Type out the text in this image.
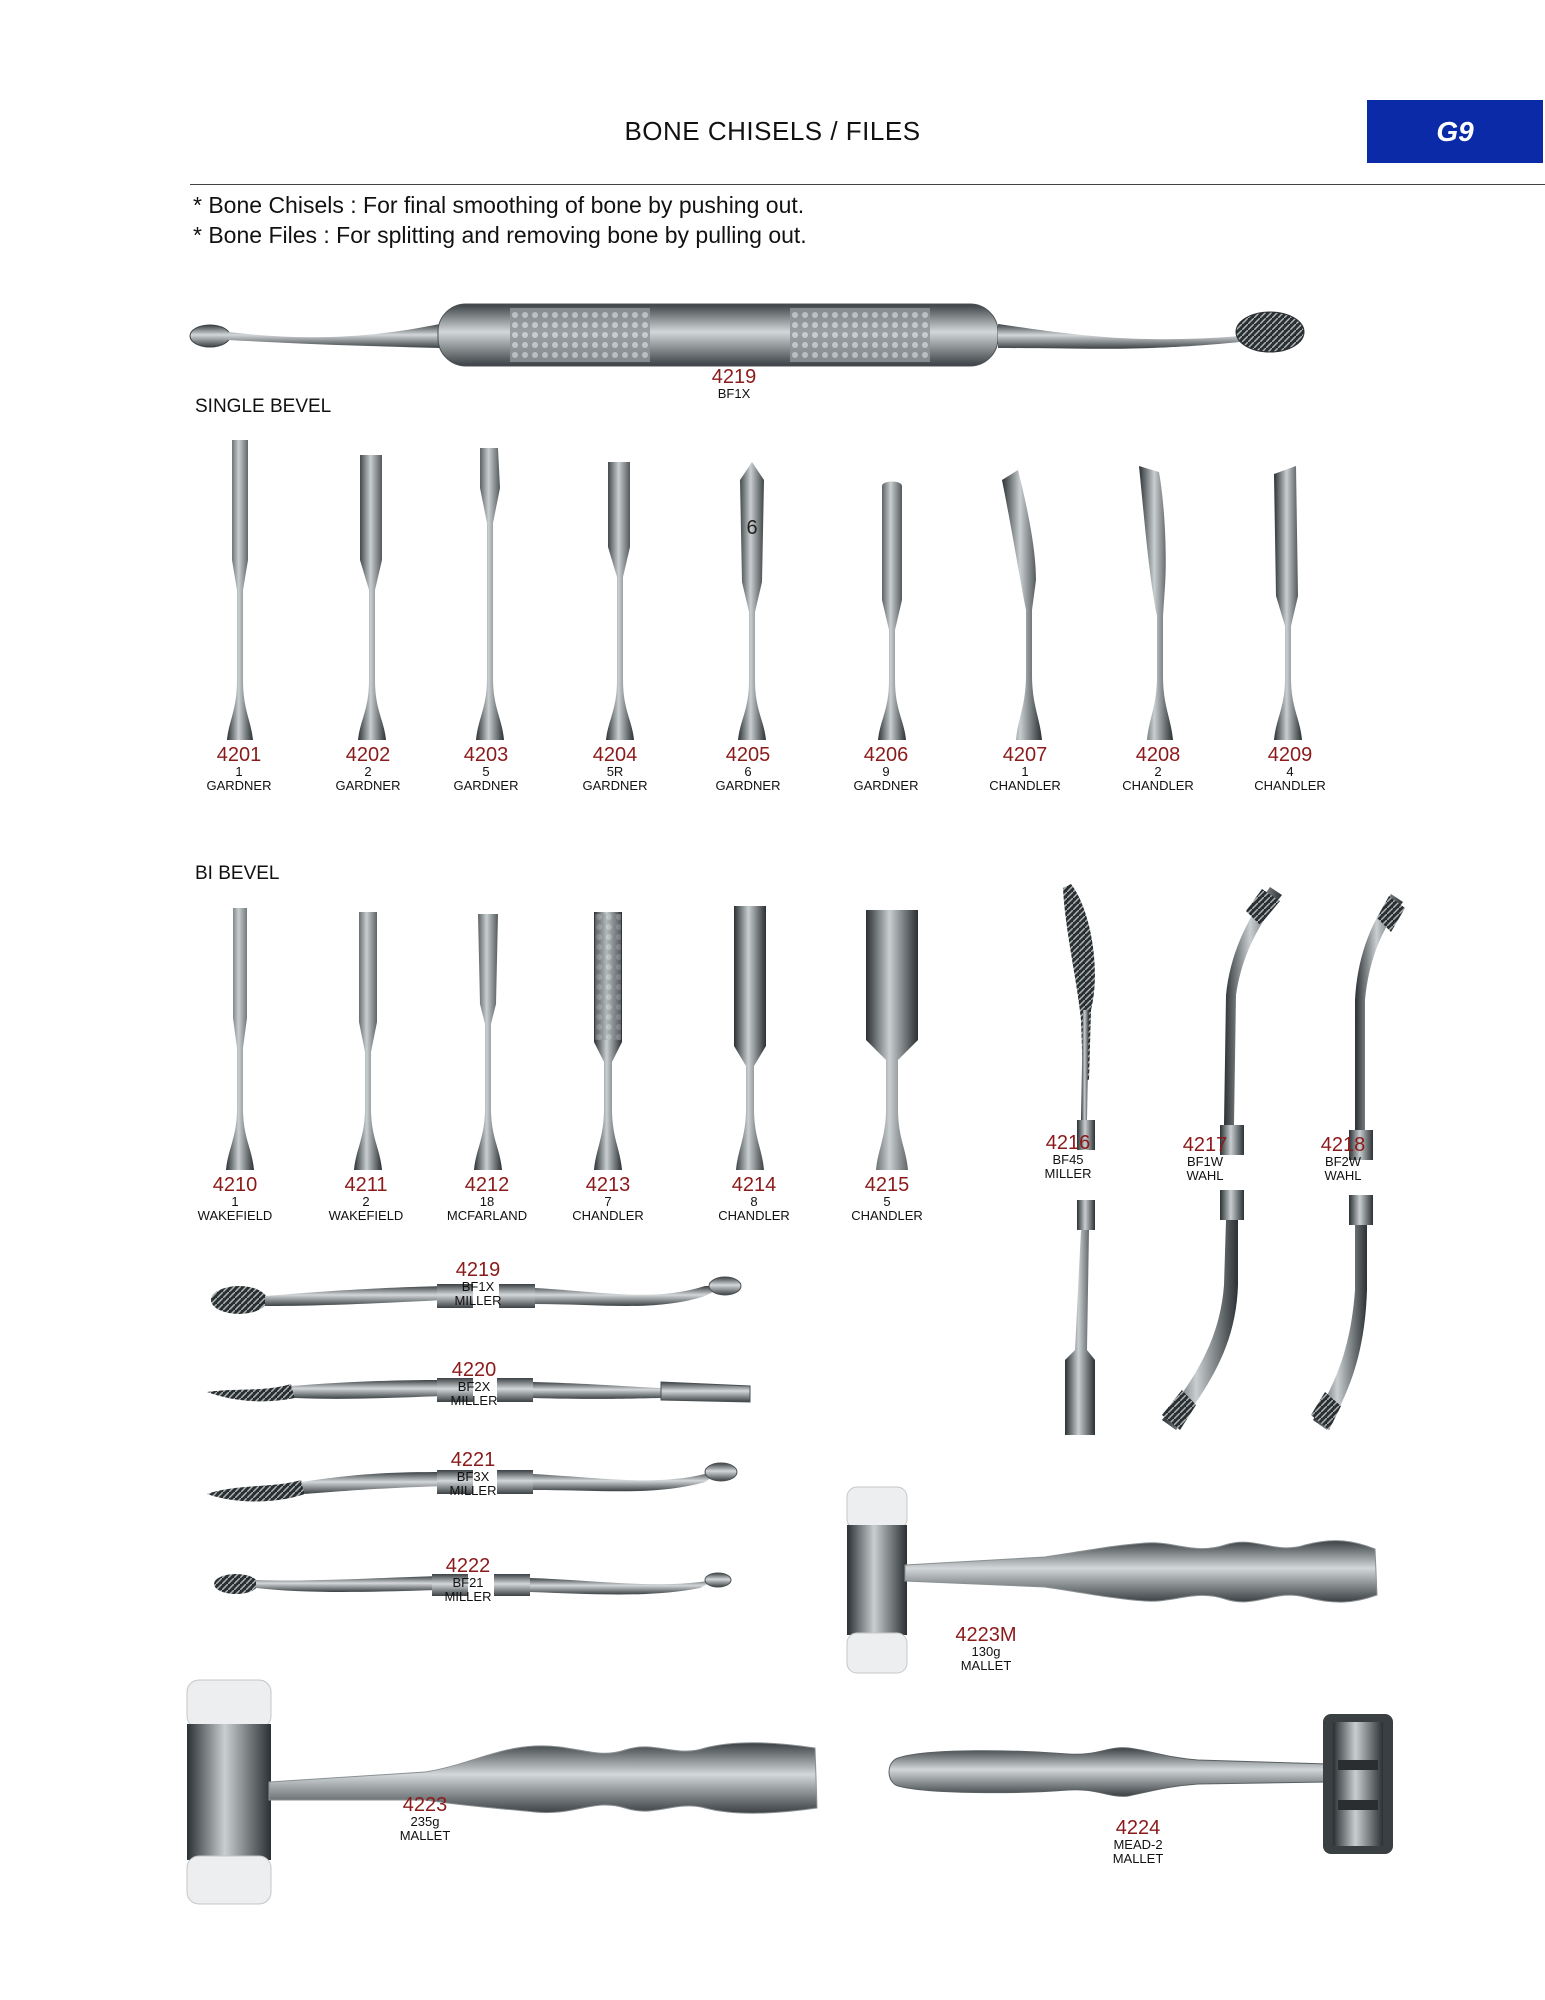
BONE CHISELS / FILES	G9
* Bone Chisels : For final smoothing of bone by pushing out.
* Bone Files : For splitting and removing bone by pulling out.
4219
BF1X
SINGLE BEVEL
6
4201
1
GARDNER
4202
2
GARDNER
4203
5
GARDNER
4204
5R
GARDNER
4205
6
GARDNER
4206
9
GARDNER
4207
1
CHANDLER
4208
2
CHANDLER
4209
4
CHANDLER
BI BEVEL
4210
1
WAKEFIELD
4211
2
WAKEFIELD
4212
18
MCFARLAND
4213
7
CHANDLER
4214
8
CHANDLER
4215
5
CHANDLER
4216
BF45
MILLER
4217
BF1W
WAHL
4218
BF2W
WAHL
4219
BF1X
MILLER
4220
BF2X
MILLER
4221
BF3X
MILLER
4222
BF21
MILLER
4223M
130g
MALLET
4223
235g
MALLET	4224
MEAD-2
MALLET
